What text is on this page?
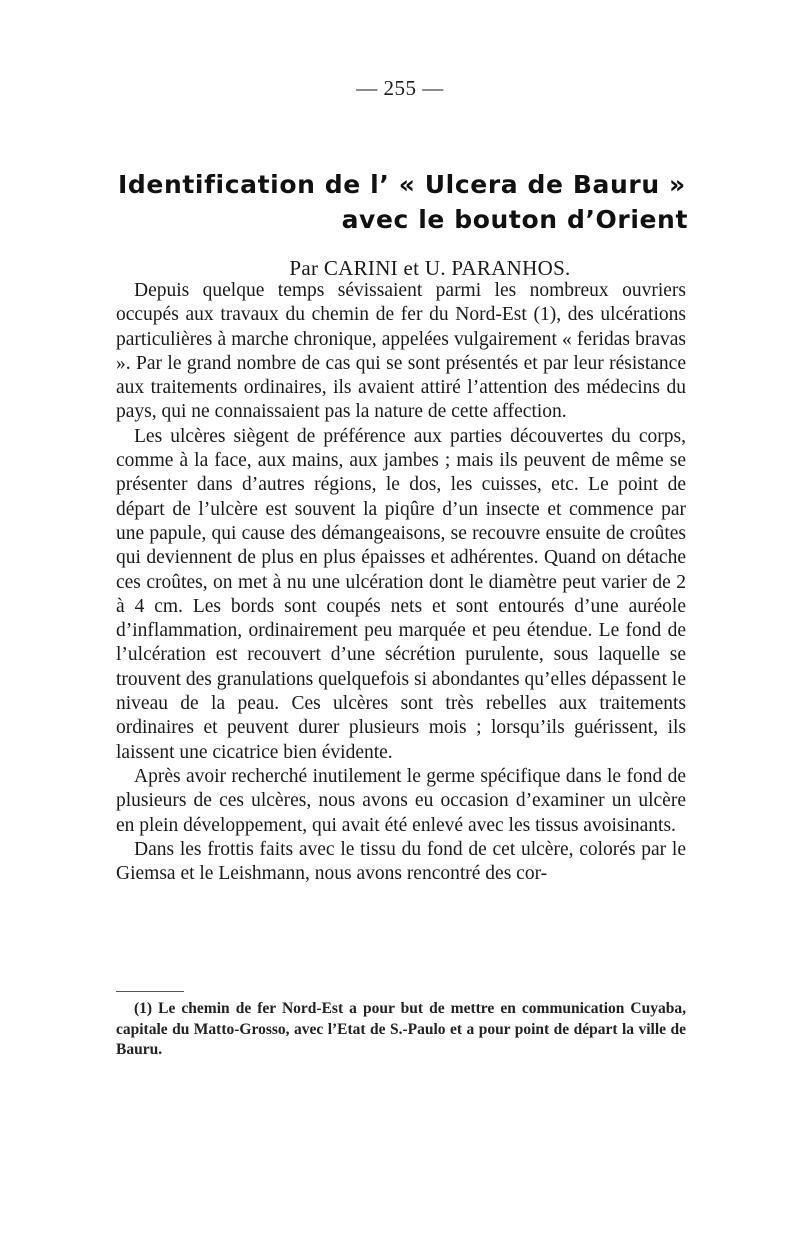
— 255 —
Identification de l’ « Ulcera de Bauru »
avec le bouton d’Orient
Par CARINI et U. PARANHOS.

Depuis quelque temps sévissaient parmi les nombreux ouvriers occupés aux travaux du chemin de fer du Nord-Est (1), des ulcérations particulières à marche chronique, appelées vulgairement « feridas bravas ». Par le grand nombre de cas qui se sont présentés et par leur résistance aux traitements ordinaires, ils avaient attiré l’attention des médecins du pays, qui ne connaissaient pas la nature de cette affection.

Les ulcères siègent de préférence aux parties découvertes du corps, comme à la face, aux mains, aux jambes ; mais ils peuvent de même se présenter dans d’autres régions, le dos, les cuisses, etc. Le point de départ de l’ulcère est souvent la piqûre d’un insecte et commence par une papule, qui cause des démangeaisons, se recouvre ensuite de croûtes qui deviennent de plus en plus épaisses et adhérentes. Quand on détache ces croûtes, on met à nu une ulcération dont le diamètre peut varier de 2 à 4 cm. Les bords sont coupés nets et sont entourés d’une auréole d’inflammation, ordinairement peu marquée et peu étendue. Le fond de l’ulcération est recouvert d’une sécrétion purulente, sous laquelle se trouvent des granulations quelquefois si abondantes qu’elles dépassent le niveau de la peau. Ces ulcères sont très rebelles aux traitements ordinaires et peuvent durer plusieurs mois ; lorsqu’ils guérissent, ils laissent une cicatrice bien évidente.

Après avoir recherché inutilement le germe spécifique dans le fond de plusieurs de ces ulcères, nous avons eu occasion d’examiner un ulcère en plein développement, qui avait été enlevé avec les tissus avoisinants.

Dans les frottis faits avec le tissu du fond de cet ulcère, colorés par le Giemsa et le Leishmann, nous avons rencontré des cor-

(1) Le chemin de fer Nord-Est a pour but de mettre en communication Cuyaba, capitale du Matto-Grosso, avec l’Etat de S.-Paulo et a pour point de départ la ville de Bauru.
